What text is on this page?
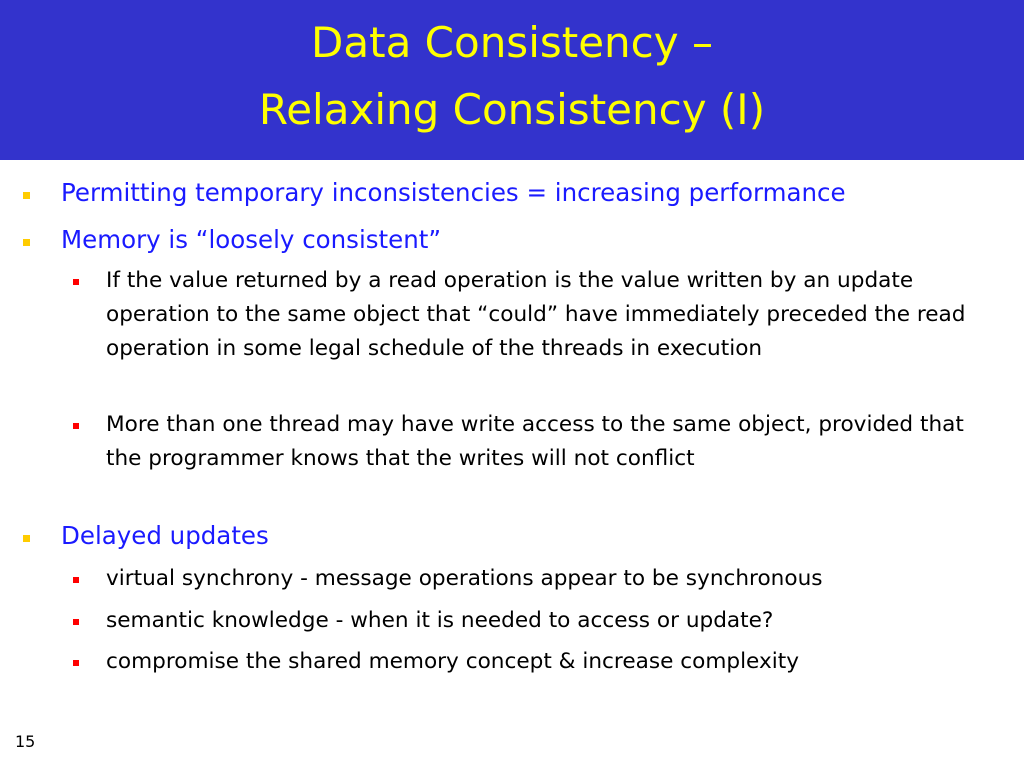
Data Consistency –
Relaxing Consistency (I)
Permitting temporary inconsistencies = increasing performance
Memory is “loosely consistent”
If the value returned by a read operation is the value written by an update operation to the same object that “could” have immediately preceded the read operation in some legal schedule of the threads in execution
More than one thread may have write access to the same object, provided that the programmer knows that the writes will not conflict
Delayed updates
virtual synchrony - message operations appear to be synchronous
semantic knowledge - when it is needed to access or update?
compromise the shared memory concept & increase complexity
15
